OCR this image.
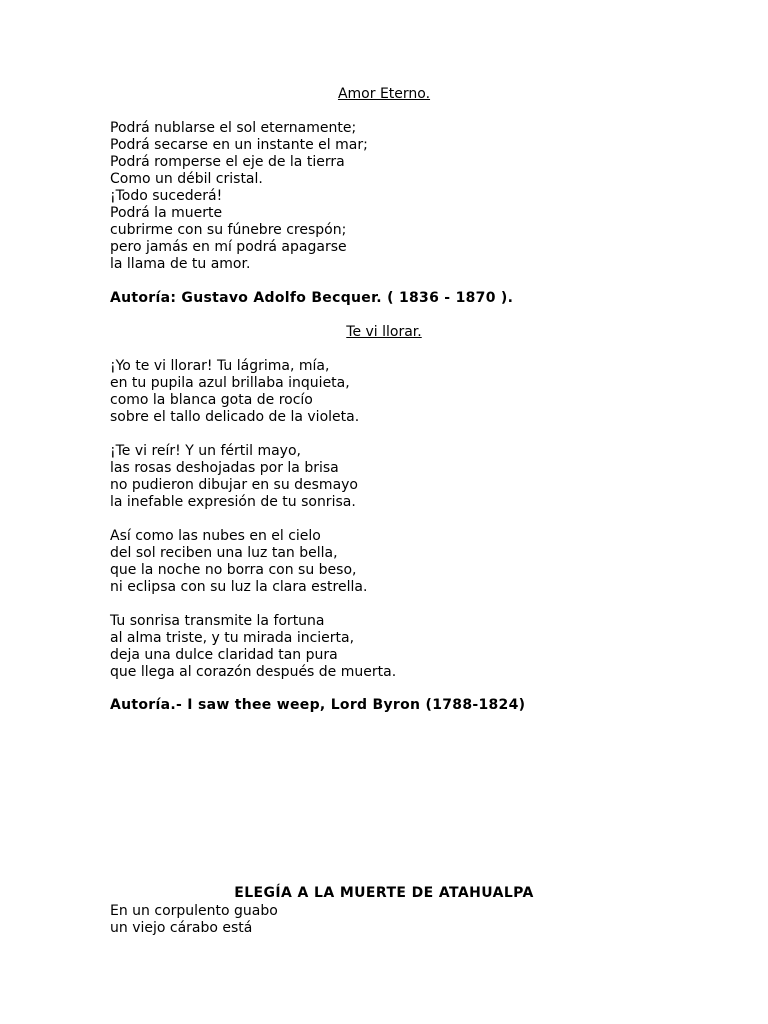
Amor Eterno.
Podrá nublarse el sol eternamente;
Podrá secarse en un instante el mar;
Podrá romperse el eje de la tierra
Como un débil cristal.
¡Todo sucederá!
Podrá la muerte
cubrirme con su fúnebre crespón;
pero jamás en mí podrá apagarse
la llama de tu amor.
Autoría: Gustavo Adolfo Becquer. ( 1836 - 1870 ).
Te vi llorar.
¡Yo te vi llorar! Tu lágrima, mía,
en tu pupila azul brillaba inquieta,
como la blanca gota de rocío
sobre el tallo delicado de la violeta.
¡Te vi reír! Y un fértil mayo,
las rosas deshojadas por la brisa
no pudieron dibujar en su desmayo
la inefable expresión de tu sonrisa.
Así como las nubes en el cielo
del sol reciben una luz tan bella,
que la noche no borra con su beso,
ni eclipsa con su luz la clara estrella.
Tu sonrisa transmite la fortuna
al alma triste, y tu mirada incierta,
deja una dulce claridad tan pura
que llega al corazón después de muerta.
Autoría.- I saw thee weep, Lord Byron (1788-1824)
ELEGÍA A LA MUERTE DE ATAHUALPA
En un corpulento guabo
un viejo cárabo está
